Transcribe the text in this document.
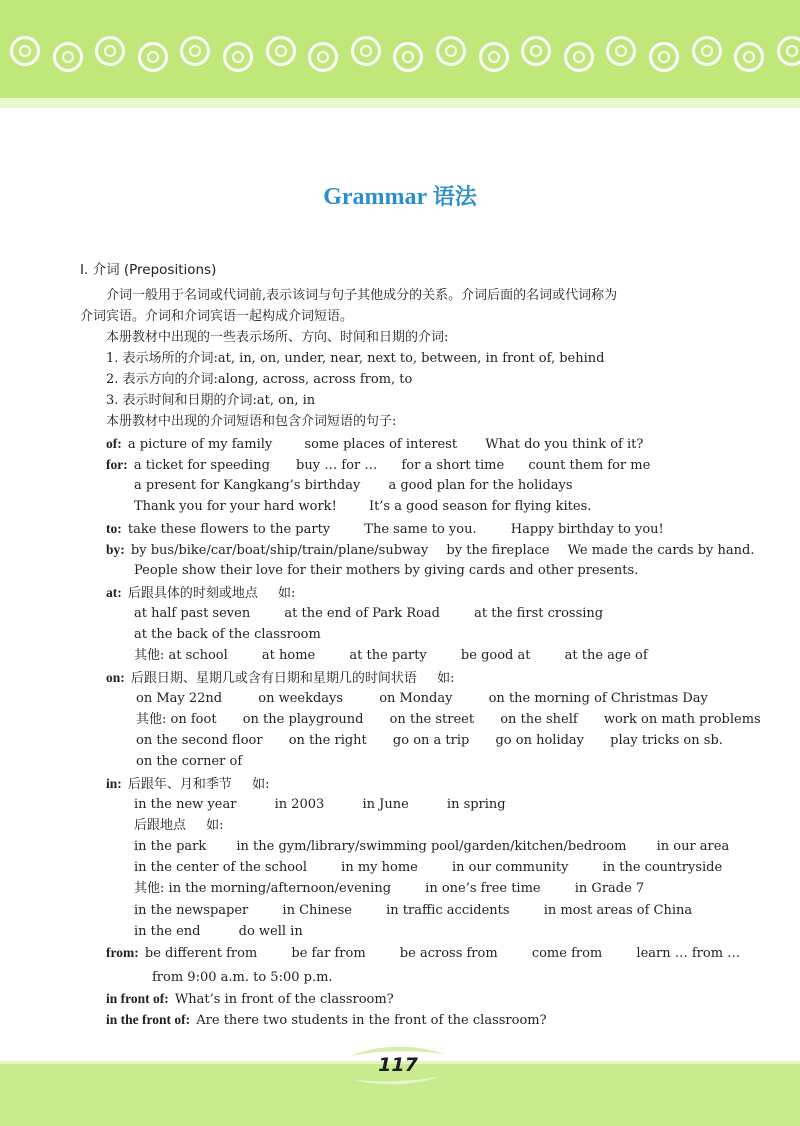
Grammar 语法
Ⅰ. 介词 (Prepositions)
介词一般用于名词或代词前,表示该词与句子其他成分的关系。介词后面的名词或代词称为
介词宾语。介词和介词宾语一起构成介词短语。
本册教材中出现的一些表示场所、方向、时间和日期的介词:
1. 表示场所的介词:at, in, on, under, near, next to, between, in front of, behind
2. 表示方向的介词:along, across, across from, to
3. 表示时间和日期的介词:at, on, in
本册教材中出现的介词短语和包含介词短语的句子:
of: a picture of my family some places of interest What do you think of it?
for: a ticket for speeding buy … for … for a short time count them for me
a present for Kangkang’s birthday a good plan for the holidays
Thank you for your hard work! It’s a good season for flying kites.
to: take these flowers to the party	The same to you.	Happy birthday to you!
by: by bus/bike/car/boat/ship/train/plane/subway by the fireplace We made the cards by hand.
People show their love for their mothers by giving cards and other presents.
at: 后跟具体的时刻或地点 如:
at half past seven	at the end of Park Road	at the first crossing
at the back of the classroom
其他: at school	at home	at the party	be good at	at the age of
on: 后跟日期、星期几或含有日期和星期几的时间状语 如:
on May 22nd	on weekdays	on Monday	on the morning of Christmas Day
其他: on foot on the playground on the street on the shelf work on math problems
on the second floor on the right go on a trip go on holiday play tricks on sb.
on the corner of
in: 后跟年、月和季节 如:
in the new year	in 2003	in June	in spring
后跟地点 如:
in the park in the gym/library/swimming pool/garden/kitchen/bedroom in our area
in the center of the school	in my home	in our community	in the countryside
其他: in the morning/afternoon/evening	in one’s free time	in Grade 7
in the newspaper	in Chinese	in traffic accidents	in most areas of China
in the end	do well in
from: be different from	be far from	be across from	come from	learn … from …
from 9:00 a.m. to 5:00 p.m.
in front of: What’s in front of the classroom?
in the front of: Are there two students in the front of the classroom?
117
